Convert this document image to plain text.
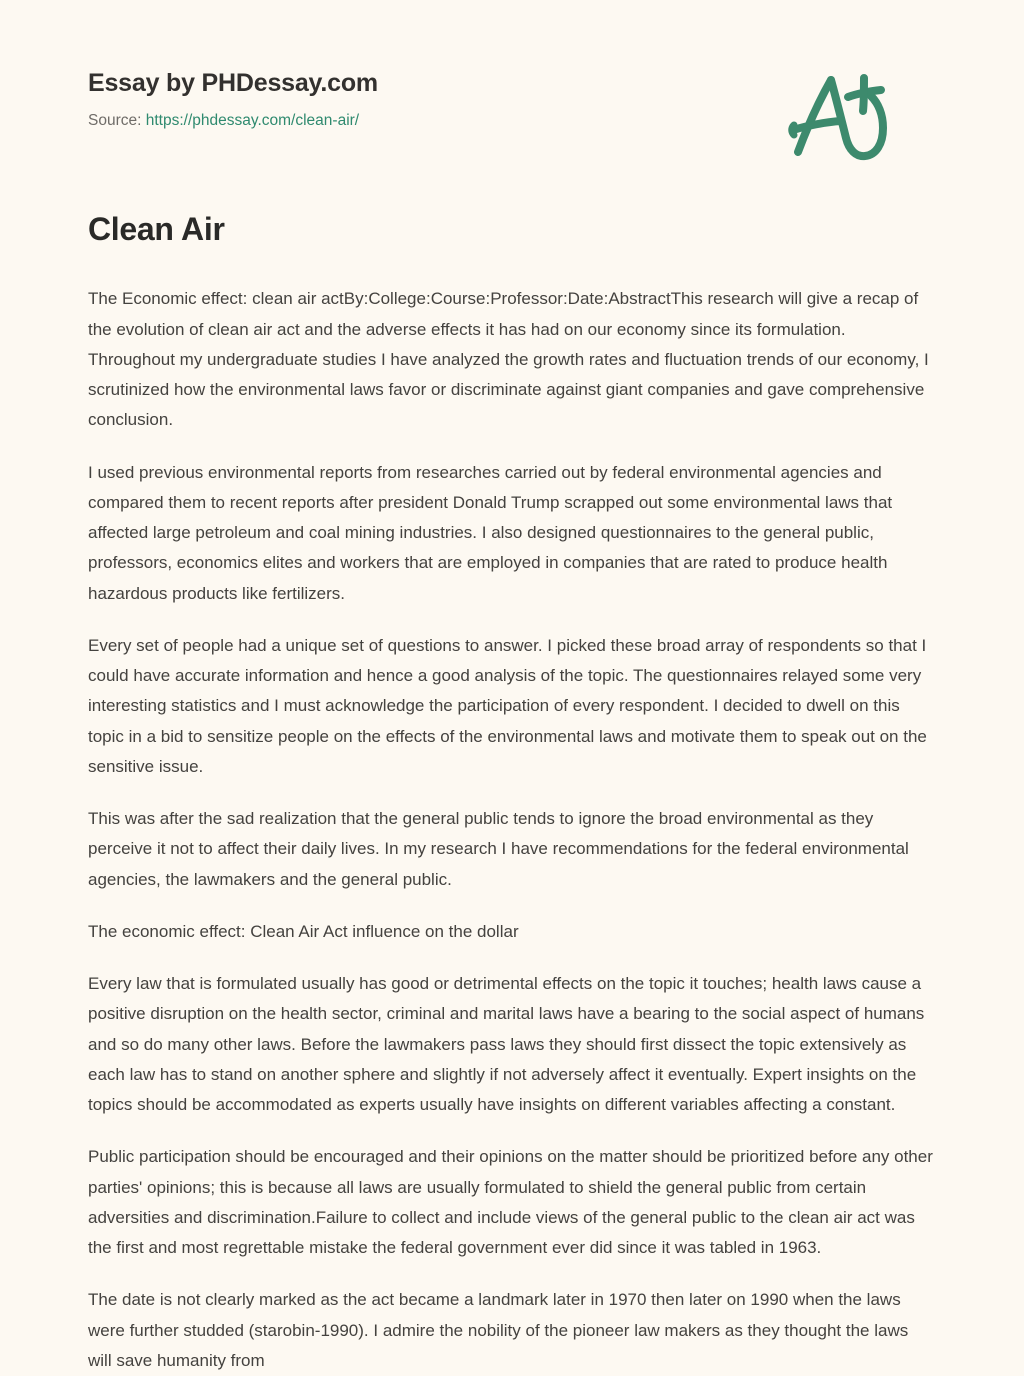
Essay by PHDessay.com
Source: https://phdessay.com/clean-air/
Clean Air

The Economic effect: clean air actBy:College:Course:Professor:Date:AbstractThis research will give a recap of the evolution of clean air act and the adverse effects it has had on our economy since its formulation. Throughout my undergraduate studies I have analyzed the growth rates and fluctuation trends of our economy, I scrutinized how the environmental laws favor or discriminate against giant companies and gave comprehensive conclusion.

I used previous environmental reports from researches carried out by federal environmental agencies and compared them to recent reports after president Donald Trump scrapped out some environmental laws that affected large petroleum and coal mining industries. I also designed questionnaires to the general public, professors, economics elites and workers that are employed in companies that are rated to produce health hazardous products like fertilizers.

Every set of people had a unique set of questions to answer. I picked these broad array of respondents so that I could have accurate information and hence a good analysis of the topic. The questionnaires relayed some very interesting statistics and I must acknowledge the participation of every respondent. I decided to dwell on this topic in a bid to sensitize people on the effects of the environmental laws and motivate them to speak out on the sensitive issue.

This was after the sad realization that the general public tends to ignore the broad environmental as they perceive it not to affect their daily lives. In my research I have recommendations for the federal environmental agencies, the lawmakers and the general public.

The economic effect: Clean Air Act influence on the dollar

Every law that is formulated usually has good or detrimental effects on the topic it touches; health laws cause a positive disruption on the health sector, criminal and marital laws have a bearing to the social aspect of humans and so do many other laws. Before the lawmakers pass laws they should first dissect the topic extensively as each law has to stand on another sphere and slightly if not adversely affect it eventually. Expert insights on the topics should be accommodated as experts usually have insights on different variables affecting a constant.

Public participation should be encouraged and their opinions on the matter should be prioritized before any other parties' opinions; this is because all laws are usually formulated to shield the general public from certain adversities and discrimination.Failure to collect and include views of the general public to the clean air act was the first and most regrettable mistake the federal government ever did since it was tabled in 1963.

The date is not clearly marked as the act became a landmark later in 1970 then later on 1990 when the laws were further studded (starobin-1990). I admire the nobility of the pioneer law makers as they thought the laws will save humanity from
